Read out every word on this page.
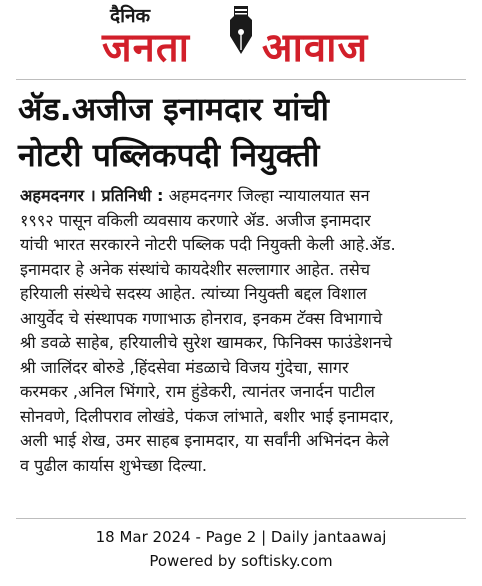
दैनिक
जनता आवाज
ॲड.अजीज इनामदार यांची
नोटरी पब्लिकपदी नियुक्ती
अहमदनगर । प्रतिनिधी : अहमदनगर जिल्हा न्यायालयात सन
१९९२ पासून वकिली व्यवसाय करणारे ॲड. अजीज इनामदार
यांची भारत सरकारने नोटरी पब्लिक पदी नियुक्ती केली आहे.ॲड.
इनामदार हे अनेक संस्थांचे कायदेशीर सल्लागार आहेत. तसेच
हरियाली संस्थेचे सदस्य आहेत. त्यांच्या नियुक्ती बद्दल विशाल
आयुर्वेद चे संस्थापक गणाभाऊ होनराव, इनकम टॅक्स विभागाचे
श्री डवळे साहेब, हरियालीचे सुरेश खामकर, फिनिक्स फाउंडेशनचे
श्री जालिंदर बोरुडे ,हिंदसेवा मंडळाचे विजय गुंदेचा, सागर
करमकर ,अनिल भिंगारे, राम हुंडेकरी, त्यानंतर जनार्दन पाटील
सोनवणे, दिलीपराव लोखंडे, पंकज लांभाते, बशीर भाई इनामदार,
अली भाई शेख, उमर साहब इनामदार, या सर्वांनी अभिनंदन केले
व पुढील कार्यास शुभेच्छा दिल्या.
18 Mar 2024 - Page 2 | Daily jantaawaj
Powered by softisky.com
